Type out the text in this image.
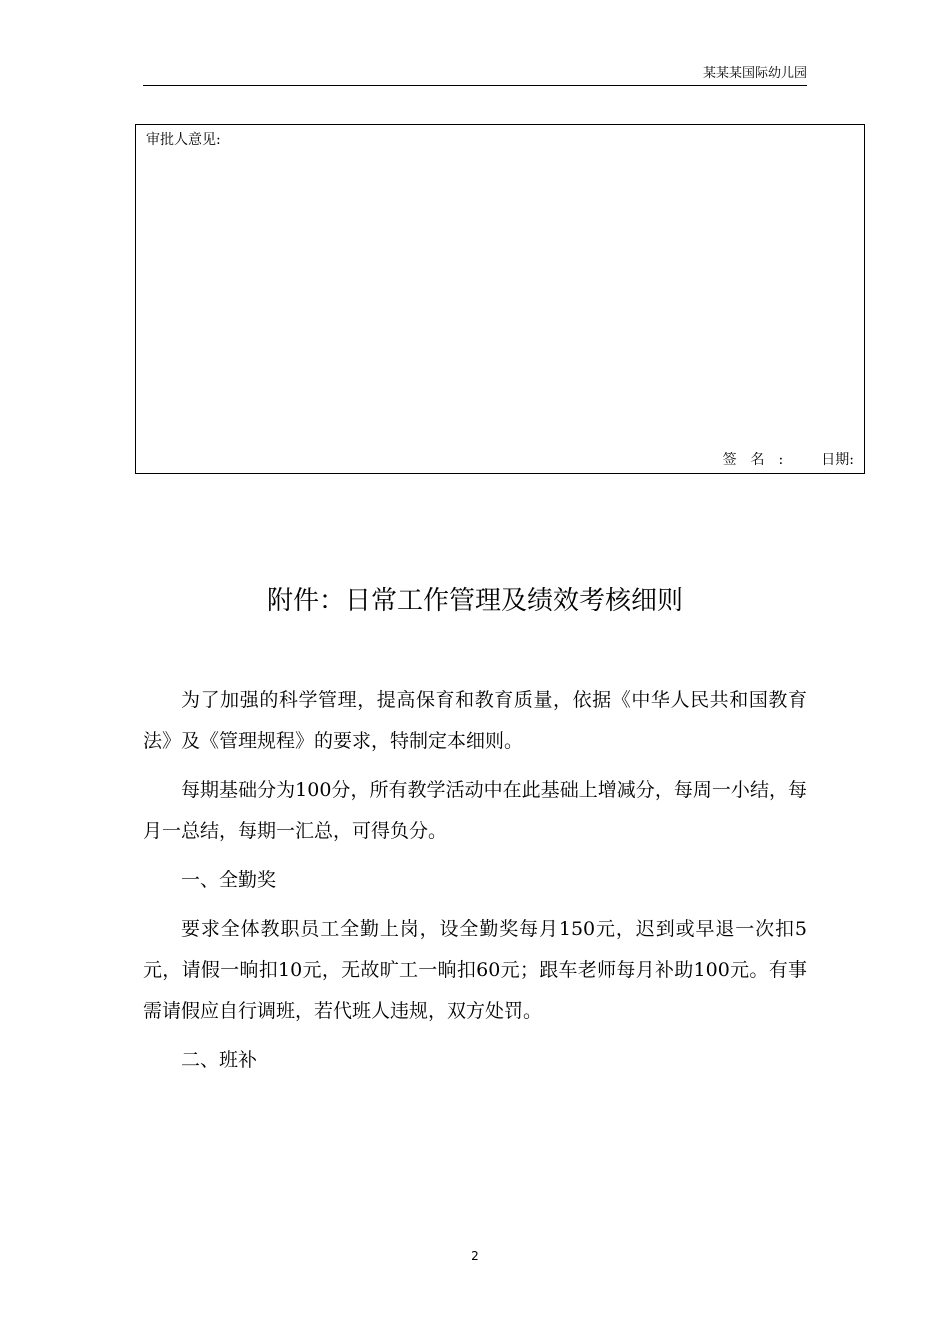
某某某国际幼儿园
审批人意见:
签名: 日期:
附件：日常工作管理及绩效考核细则

为了加强的科学管理，提高保育和教育质量，依据《中华人民共和国教育法》及《管理规程》的要求，特制定本细则。

每期基础分为100分，所有教学活动中在此基础上增减分，每周一小结，每月一总结，每期一汇总，可得负分。

一、全勤奖

要求全体教职员工全勤上岗，设全勤奖每月150元，迟到或早退一次扣5元，请假一晌扣10元，无故旷工一晌扣60元；跟车老师每月补助100元。有事需请假应自行调班，若代班人违规，双方处罚。

二、班补

2
